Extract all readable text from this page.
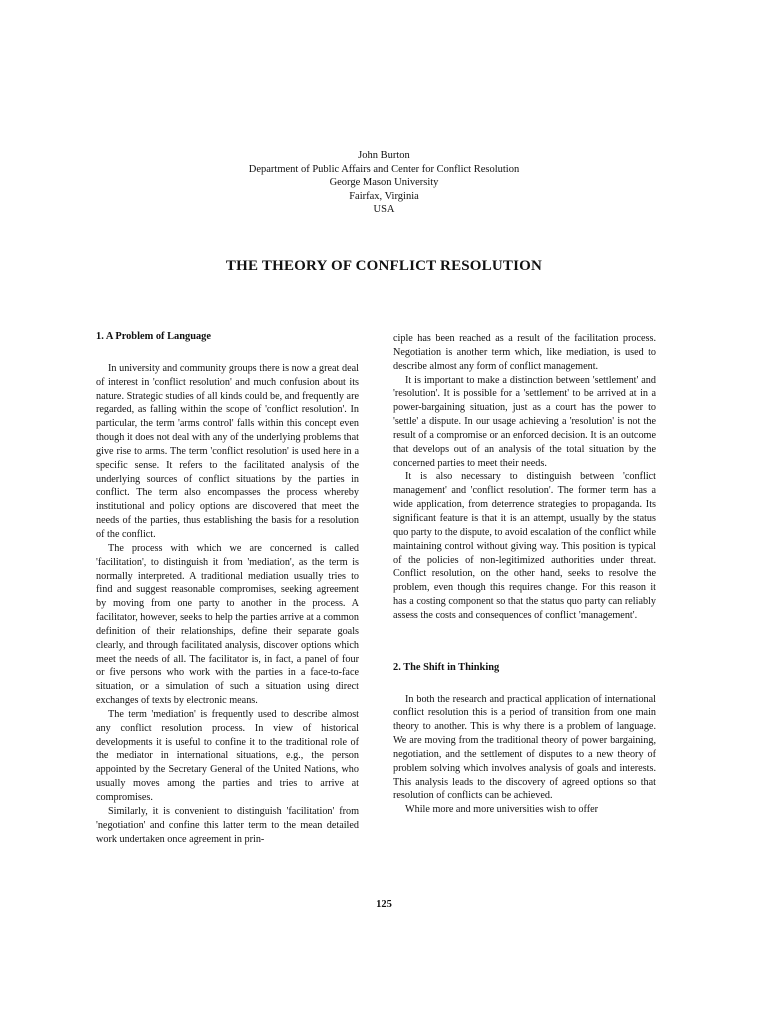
John Burton
Department of Public Affairs and Center for Conflict Resolution
George Mason University
Fairfax, Virginia
USA
THE THEORY OF CONFLICT RESOLUTION
1. A Problem of Language

In university and community groups there is now a great deal of interest in 'conflict resolution' and much confusion about its nature. Strategic studies of all kinds could be, and frequently are regarded, as falling within the scope of 'conflict resolution'. In particular, the term 'arms control' falls within this concept even though it does not deal with any of the underlying problems that give rise to arms. The term 'conflict resolution' is used here in a specific sense. It refers to the facilitated analysis of the underlying sources of conflict situations by the parties in conflict. The term also encompasses the process whereby institutional and policy options are discovered that meet the needs of the parties, thus establishing the basis for a resolution of the conflict.

The process with which we are concerned is called 'facilitation', to distinguish it from 'mediation', as the term is normally interpreted. A traditional mediation usually tries to find and suggest reasonable compromises, seeking agreement by moving from one party to another in the process. A facilitator, however, seeks to help the parties arrive at a common definition of their relationships, define their separate goals clearly, and through facilitated analysis, discover options which meet the needs of all. The facilitator is, in fact, a panel of four or five persons who work with the parties in a face-to-face situation, or a simulation of such a situation using direct exchanges of texts by electronic means.

The term 'mediation' is frequently used to describe almost any conflict resolution process. In view of historical developments it is useful to confine it to the traditional role of the mediator in international situations, e.g., the person appointed by the Secretary General of the United Nations, who usually moves among the parties and tries to arrive at compromises.

Similarly, it is convenient to distinguish 'facilitation' from 'negotiation' and confine this latter term to the mean detailed work undertaken once agreement in prin-

ciple has been reached as a result of the facilitation process. Negotiation is another term which, like mediation, is used to describe almost any form of conflict management.

It is important to make a distinction between 'settlement' and 'resolution'. It is possible for a 'settlement' to be arrived at in a power-bargaining situation, just as a court has the power to 'settle' a dispute. In our usage achieving a 'resolution' is not the result of a compromise or an enforced decision. It is an outcome that develops out of an analysis of the total situation by the concerned parties to meet their needs.

It is also necessary to distinguish between 'conflict management' and 'conflict resolution'. The former term has a wide application, from deterrence strategies to propaganda. Its significant feature is that it is an attempt, usually by the status quo party to the dispute, to avoid escalation of the conflict while maintaining control without giving way. This position is typical of the policies of non-legitimized authorities under threat. Conflict resolution, on the other hand, seeks to resolve the problem, even though this requires change. For this reason it has a costing component so that the status quo party can reliably assess the costs and consequences of conflict 'management'.

2. The Shift in Thinking

In both the research and practical application of international conflict resolution this is a period of transition from one main theory to another. This is why there is a problem of language. We are moving from the traditional theory of power bargaining, negotiation, and the settlement of disputes to a new theory of problem solving which involves analysis of goals and interests. This analysis leads to the discovery of agreed options so that resolution of conflicts can be achieved.

While more and more universities wish to offer

125
